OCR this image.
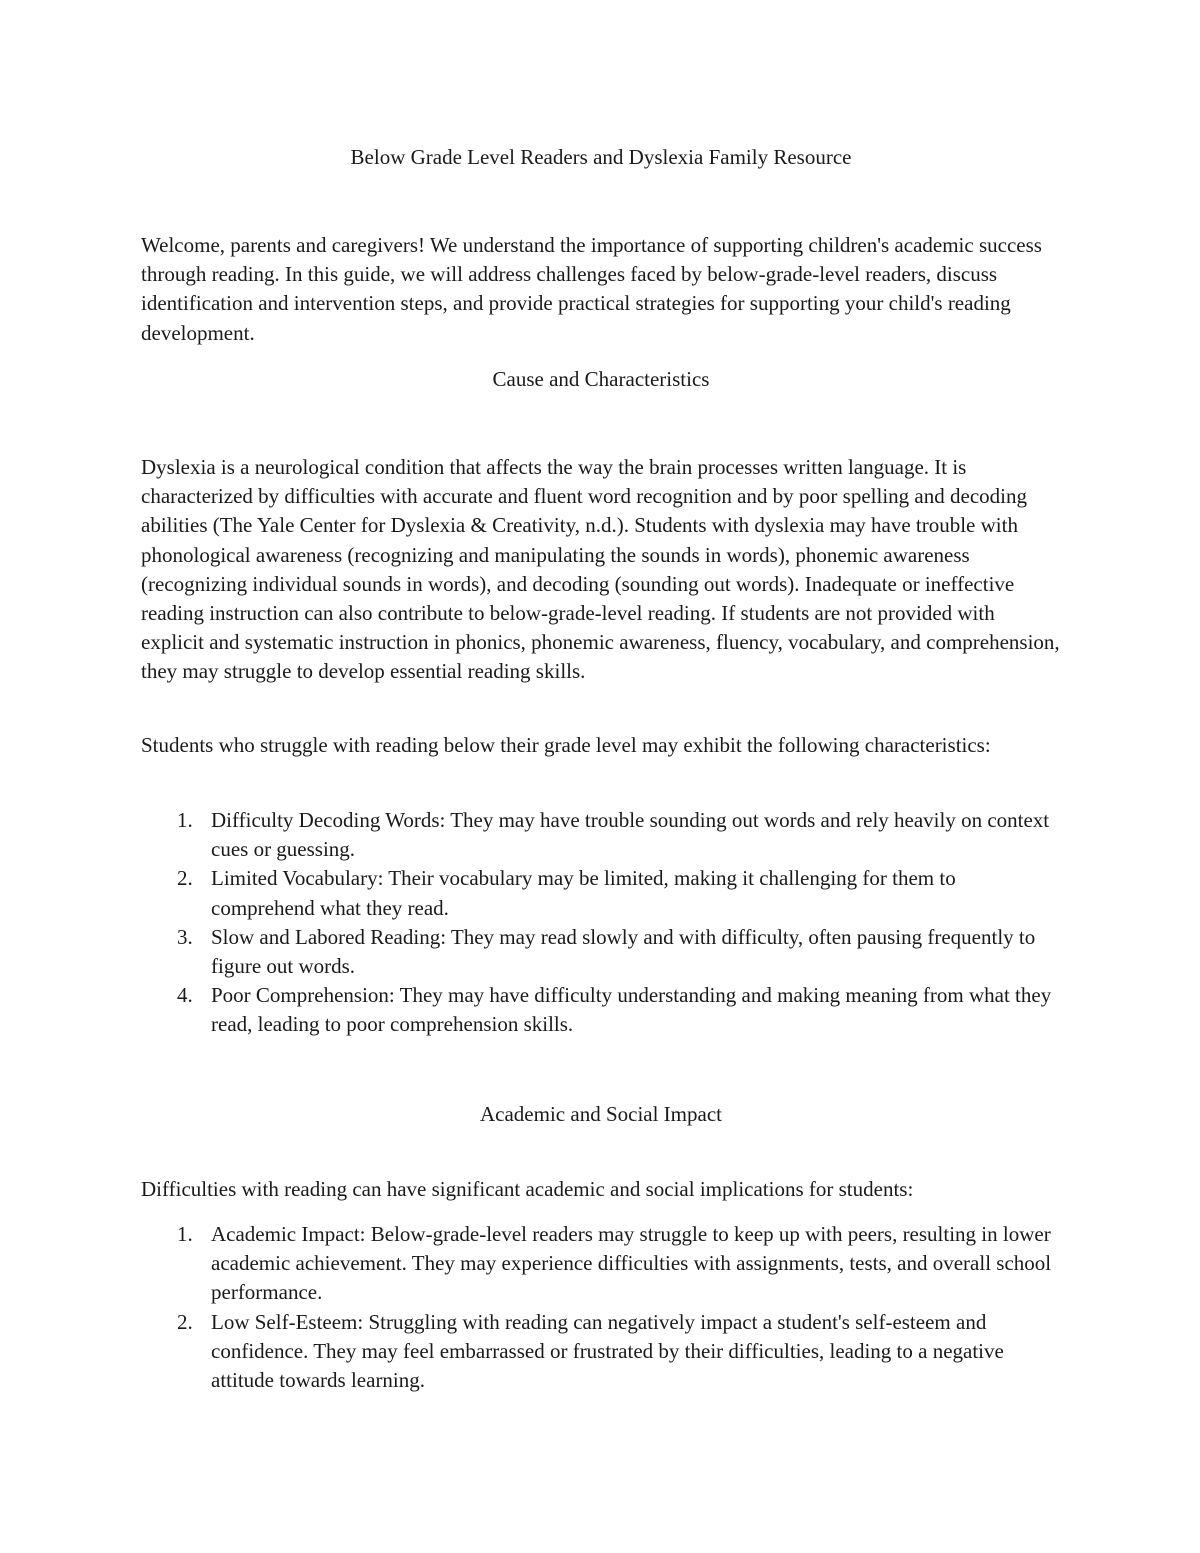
Below Grade Level Readers and Dyslexia Family Resource

Welcome, parents and caregivers! We understand the importance of supporting children's academic success through reading. In this guide, we will address challenges faced by below-grade-level readers, discuss identification and intervention steps, and provide practical strategies for supporting your child's reading development.

Cause and Characteristics

Dyslexia is a neurological condition that affects the way the brain processes written language. It is characterized by difficulties with accurate and fluent word recognition and by poor spelling and decoding abilities (The Yale Center for Dyslexia & Creativity, n.d.). Students with dyslexia may have trouble with phonological awareness (recognizing and manipulating the sounds in words), phonemic awareness (recognizing individual sounds in words), and decoding (sounding out words). Inadequate or ineffective reading instruction can also contribute to below-grade-level reading. If students are not provided with explicit and systematic instruction in phonics, phonemic awareness, fluency, vocabulary, and comprehension, they may struggle to develop essential reading skills.

Students who struggle with reading below their grade level may exhibit the following characteristics:

1. Difficulty Decoding Words: They may have trouble sounding out words and rely heavily on context cues or guessing.
2. Limited Vocabulary: Their vocabulary may be limited, making it challenging for them to comprehend what they read.
3. Slow and Labored Reading: They may read slowly and with difficulty, often pausing frequently to figure out words.
4. Poor Comprehension: They may have difficulty understanding and making meaning from what they read, leading to poor comprehension skills.
Academic and Social Impact

Difficulties with reading can have significant academic and social implications for students:

1. Academic Impact: Below-grade-level readers may struggle to keep up with peers, resulting in lower academic achievement. They may experience difficulties with assignments, tests, and overall school performance.
2. Low Self-Esteem: Struggling with reading can negatively impact a student's self-esteem and confidence. They may feel embarrassed or frustrated by their difficulties, leading to a negative attitude towards learning.
